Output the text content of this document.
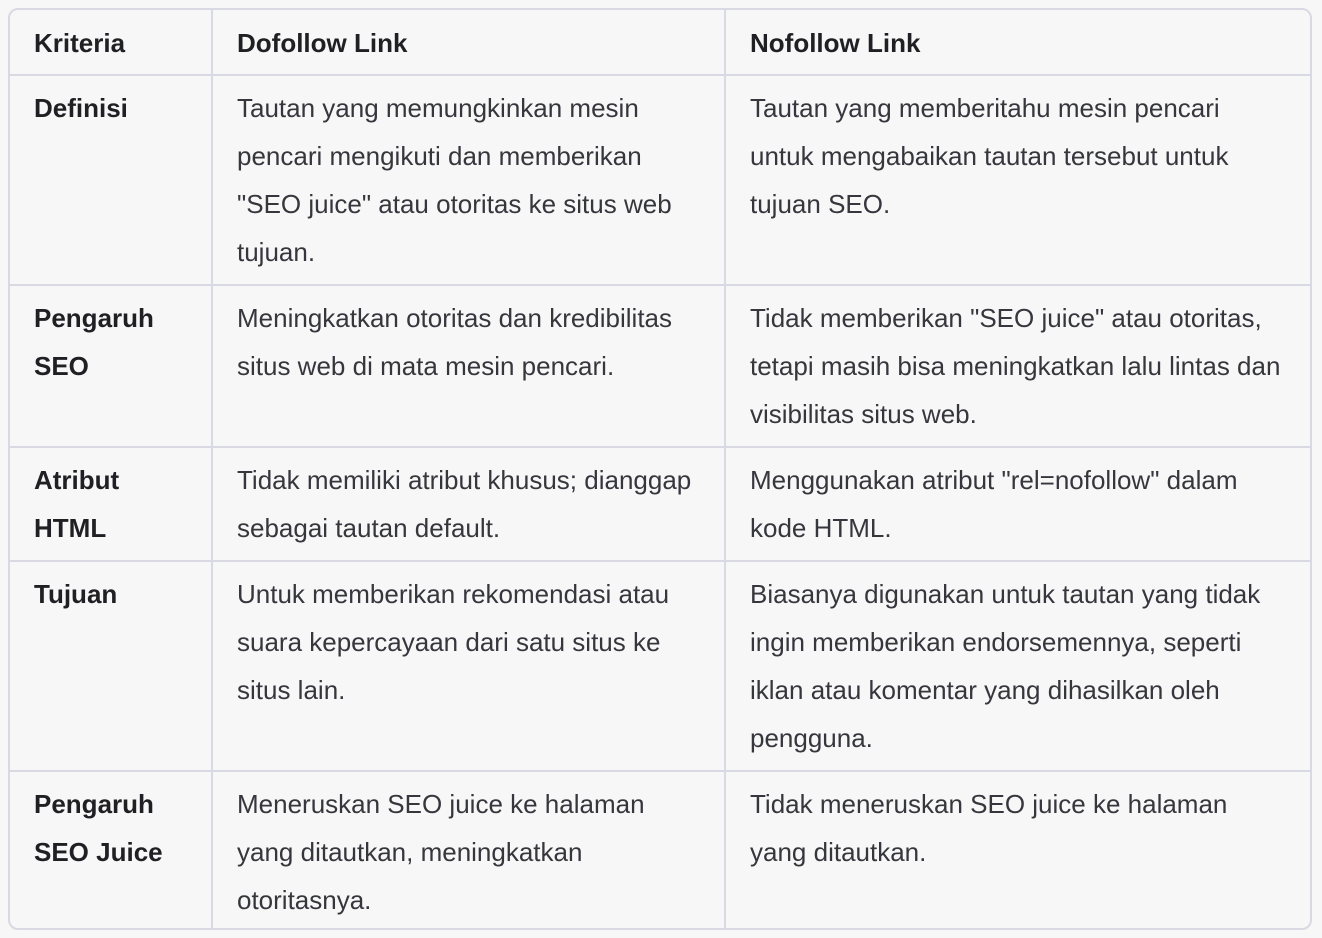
Kriteria	Dofollow Link	Nofollow Link
Definisi	Tautan yang memungkinkan mesin pencari mengikuti dan memberikan "SEO juice" atau otoritas ke situs web tujuan.	Tautan yang memberitahu mesin pencari untuk mengabaikan tautan tersebut untuk tujuan SEO.
Pengaruh SEO	Meningkatkan otoritas dan kredibilitas situs web di mata mesin pencari.	Tidak memberikan "SEO juice" atau otoritas, tetapi masih bisa meningkatkan lalu lintas dan visibilitas situs web.
Atribut HTML	Tidak memiliki atribut khusus; dianggap sebagai tautan default.	Menggunakan atribut "rel=nofollow" dalam kode HTML.
Tujuan	Untuk memberikan rekomendasi atau suara kepercayaan dari satu situs ke situs lain.	Biasanya digunakan untuk tautan yang tidak ingin memberikan endorsemennya, seperti iklan atau komentar yang dihasilkan oleh pengguna.
Pengaruh SEO Juice	Meneruskan SEO juice ke halaman yang ditautkan, meningkatkan otoritasnya.	Tidak meneruskan SEO juice ke halaman yang ditautkan.
